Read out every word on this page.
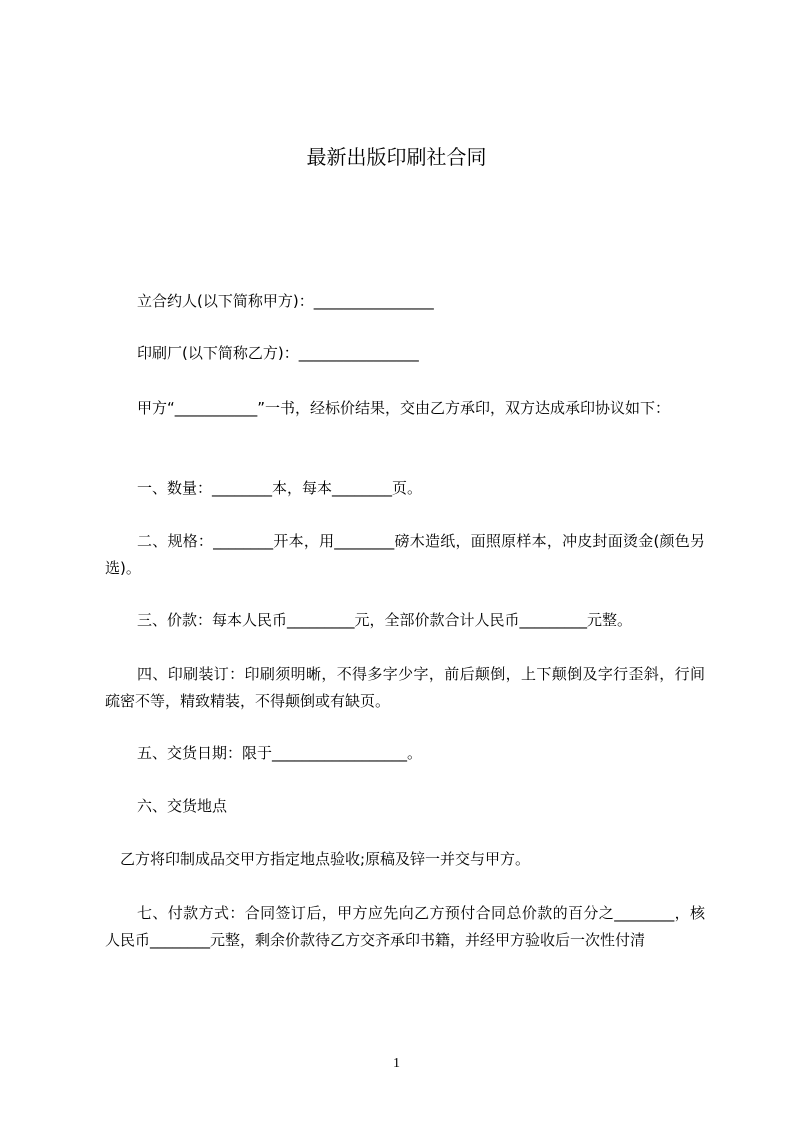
最新出版印刷社合同

立合约人(以下简称甲方)：________________

印刷厂(以下简称乙方)：________________

甲方“___________”一书，经标价结果，交由乙方承印，双方达成承印协议如下：

一、数量：________本，每本________页。

二、规格：________开本，用________磅木造纸，面照原样本，冲皮封面烫金(颜色另选)。

三、价款：每本人民币_________元，全部价款合计人民币_________元整。

四、印刷装订：印刷须明晰，不得多字少字，前后颠倒，上下颠倒及字行歪斜，行间疏密不等，精致精装，不得颠倒或有缺页。

五、交货日期：限于__________________。

六、交货地点

乙方将印制成品交甲方指定地点验收;原稿及锌一并交与甲方。

七、付款方式：合同签订后，甲方应先向乙方预付合同总价款的百分之________，核人民币________元整，剩余价款待乙方交齐承印书籍，并经甲方验收后一次性付清

1
